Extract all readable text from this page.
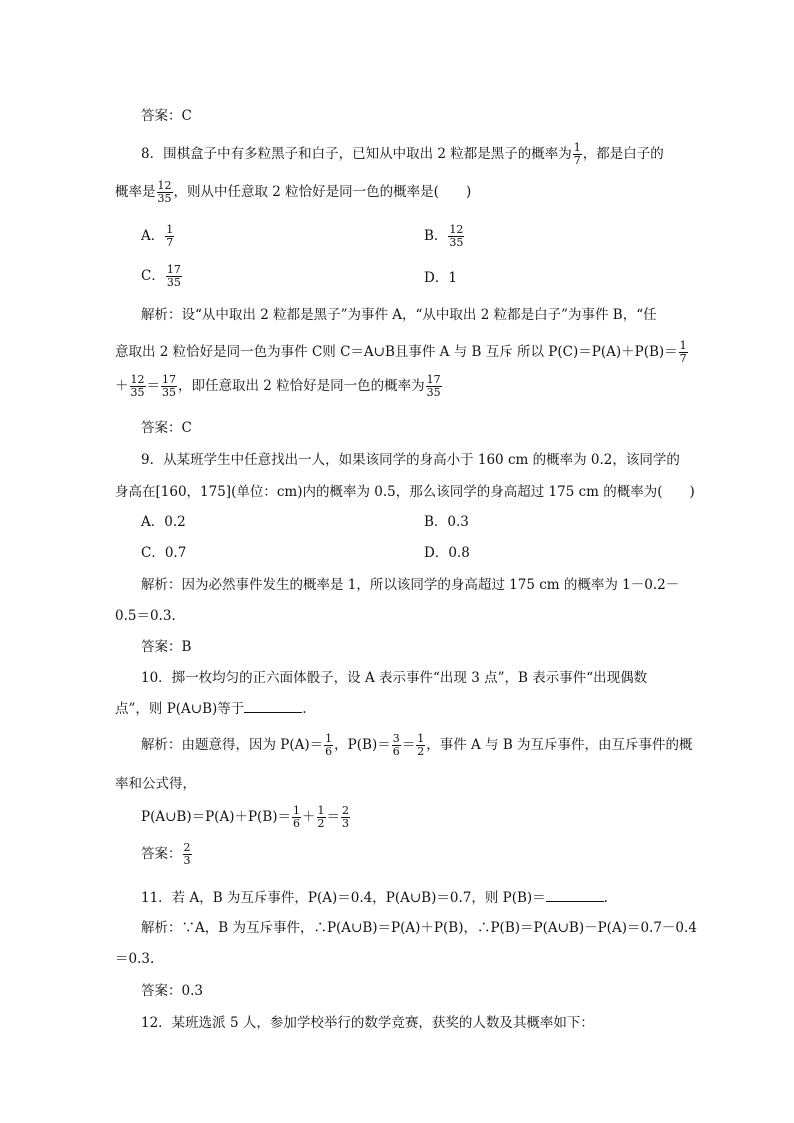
答案：C
8．围棋盒子中有多粒黑子和白子，已知从中取出 2 粒都是黑子的概率为 $\frac{1}{7}$ ，都是白子的
概率是 $\frac{12}{35}$ ，则从中任意取 2 粒恰好是同一色的概率是(　　)
A． $\frac{1}{7}$	B． $\frac{12}{35}$
C． $\frac{17}{35}$	D．1
解析：设“从中取出 2 粒都是黑子”为事件 A，“从中取出 2 粒都是白子”为事件 B，“任
意取出 2 粒恰好是同一色为事件 C则 C＝A∪B且事件 A 与 B 互斥 所以 $P(C)=P(A)+P(B)= \frac{1}{7}$
＋ $\frac{12}{35} = \frac{17}{35}$ ，即任意取出 2 粒恰好是同一色的概率为 $\frac{17}{35}$
答案：C
9．从某班学生中任意找出一人，如果该同学的身高小于 160 cm 的概率为 0.2，该同学的
身高在[160，175](单位：cm)内的概率为 0.5，那么该同学的身高超过 175 cm 的概率为(　　)
A．0.2	B．0.3
C．0.7	D．0.8
解析：因为必然事件发生的概率是 1，所以该同学的身高超过 175 cm 的概率为 1－0.2－
0.5＝0.3.
答案：B
10．掷一枚均匀的正六面体骰子，设 A 表示事件“出现 3 点”，B 表示事件“出现偶数
点”，则 P(A∪B)等于	.
解析：由题意得，因为 $P(A)= \frac{1}{6}$ ，$P(B)= \frac{3}{6} = \frac{1}{2}$ ，事件 A 与 B 为互斥事件，由互斥事件的概
率和公式得，
P(A∪B)＝P(A)＋P(B)＝ $\frac{1}{6} + \frac{1}{2} = \frac{2}{3}$
答案： $\frac{2}{3}$
11．若 A，B 为互斥事件，P(A)＝0.4，P(A∪B)＝0.7，则 P(B)＝	.
解析：∵A，B 为互斥事件，∴P(A∪B)＝P(A)＋P(B)，∴P(B)＝P(A∪B)－P(A)＝0.7－0.4
＝0.3.
答案：0.3
12．某班选派 5 人，参加学校举行的数学竞赛，获奖的人数及其概率如下：
